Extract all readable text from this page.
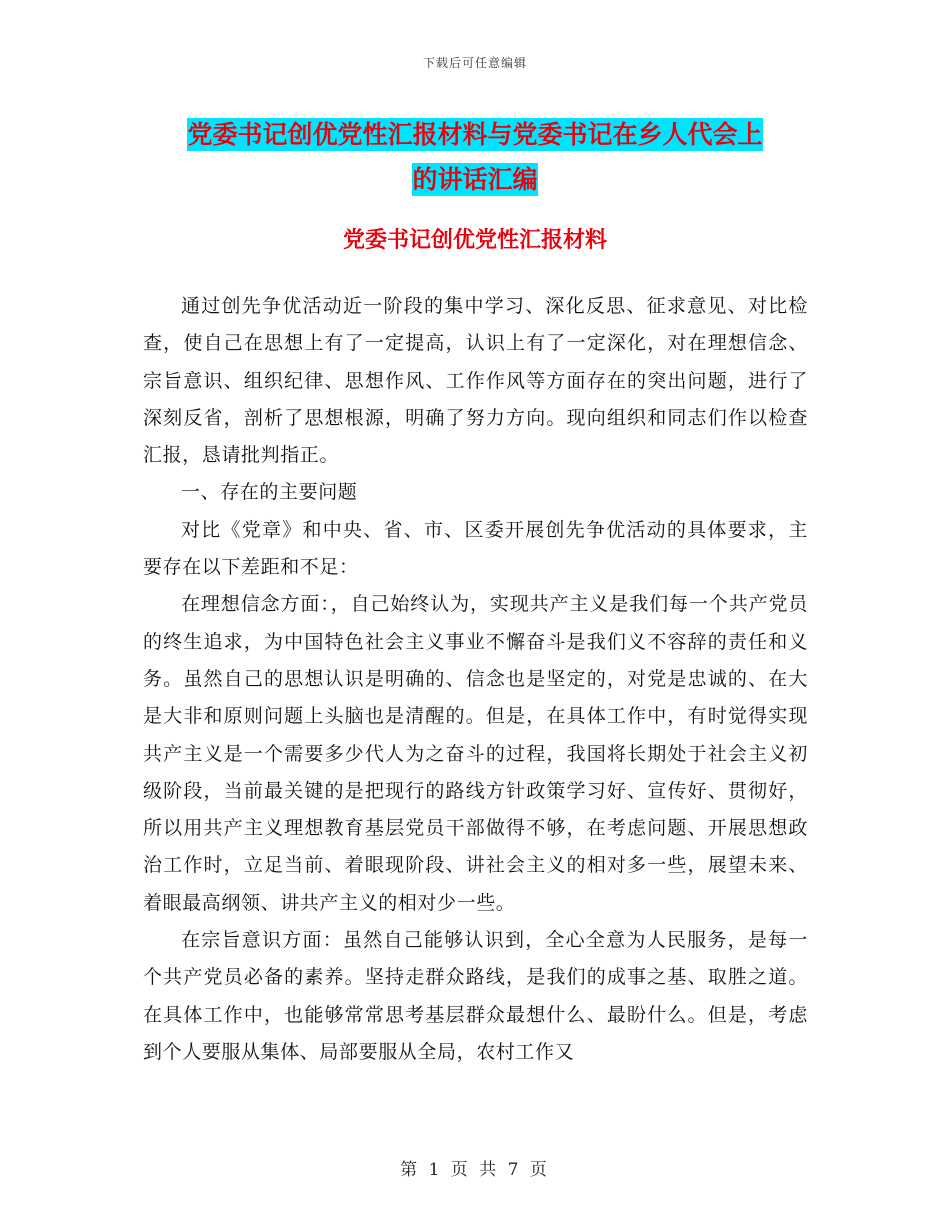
下载后可任意编辑
党委书记创优党性汇报材料与党委书记在乡人代会上
的讲话汇编
党委书记创优党性汇报材料

通过创先争优活动近一阶段的集中学习、深化反思、征求意见、对比检查，使自己在思想上有了一定提高，认识上有了一定深化，对在理想信念、宗旨意识、组织纪律、思想作风、工作作风等方面存在的突出问题，进行了深刻反省，剖析了思想根源，明确了努力方向。现向组织和同志们作以检查汇报，恳请批判指正。

一、存在的主要问题

对比《党章》和中央、省、市、区委开展创先争优活动的具体要求，主要存在以下差距和不足：

在理想信念方面：，自己始终认为，实现共产主义是我们每一个共产党员的终生追求，为中国特色社会主义事业不懈奋斗是我们义不容辞的责任和义务。虽然自己的思想认识是明确的、信念也是坚定的，对党是忠诚的、在大是大非和原则问题上头脑也是清醒的。但是，在具体工作中，有时觉得实现共产主义是一个需要多少代人为之奋斗的过程，我国将长期处于社会主义初级阶段，当前最关键的是把现行的路线方针政策学习好、宣传好、贯彻好，所以用共产主义理想教育基层党员干部做得不够，在考虑问题、开展思想政治工作时，立足当前、着眼现阶段、讲社会主义的相对多一些，展望未来、着眼最高纲领、讲共产主义的相对少一些。

在宗旨意识方面：虽然自己能够认识到，全心全意为人民服务，是每一个共产党员必备的素养。坚持走群众路线，是我们的成事之基、取胜之道。在具体工作中，也能够常常思考基层群众最想什么、最盼什么。但是，考虑到个人要服从集体、局部要服从全局，农村工作又

第 1 页 共 7 页
